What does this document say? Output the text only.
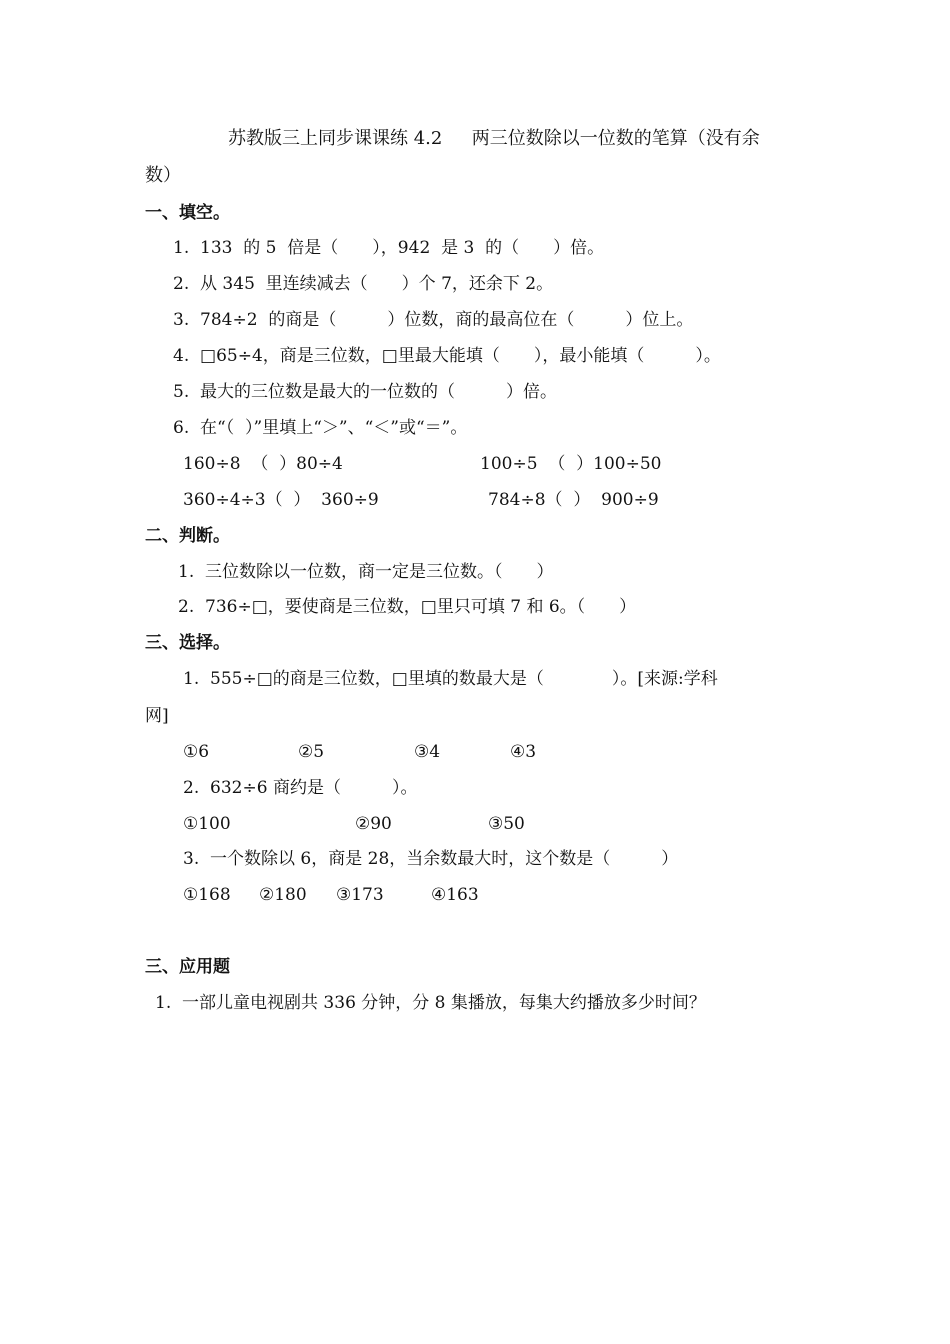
苏教版三上同步课课练 4.2　  两三位数除以一位数的笔算（没有余
数）
一、填空。
1.  133  的 5  倍是（　　），942  是 3  的（　　）倍。
2.  从 345  里连续减去（　　）个 7，还余下 2。
3.  784÷2  的商是（　　　）位数，商的最高位在（　　　）位上。
4.  □65÷4，商是三位数，□里最大能填（　　），最小能填（　　　）。
5.  最大的三位数是最大的一位数的（　　　）倍。
6.  在“（  ）”里填上“＞”、“＜”或“＝”。
160÷8  （  ）80÷4	100÷5  （  ）100÷50
360÷4÷3（  ）  360÷9	784÷8（  ）  900÷9
二、判断。
1.  三位数除以一位数，商一定是三位数。（　　）
2.  736÷□，要使商是三位数，□里只可填 7 和 6。（　　）
三、选择。
1.  555÷□的商是三位数，□里填的数最大是（　　　　）。[来源:学科
网]
①6	②5	③4	④3
2.  632÷6 商约是（　　　）。
①100	②90	③50
3.  一个数除以 6，商是 28，当余数最大时，这个数是（　　　）
①168 ②180 ③173	④163
三、应用题
1.  一部儿童电视剧共 336 分钟，分 8 集播放，每集大约播放多少时间？
